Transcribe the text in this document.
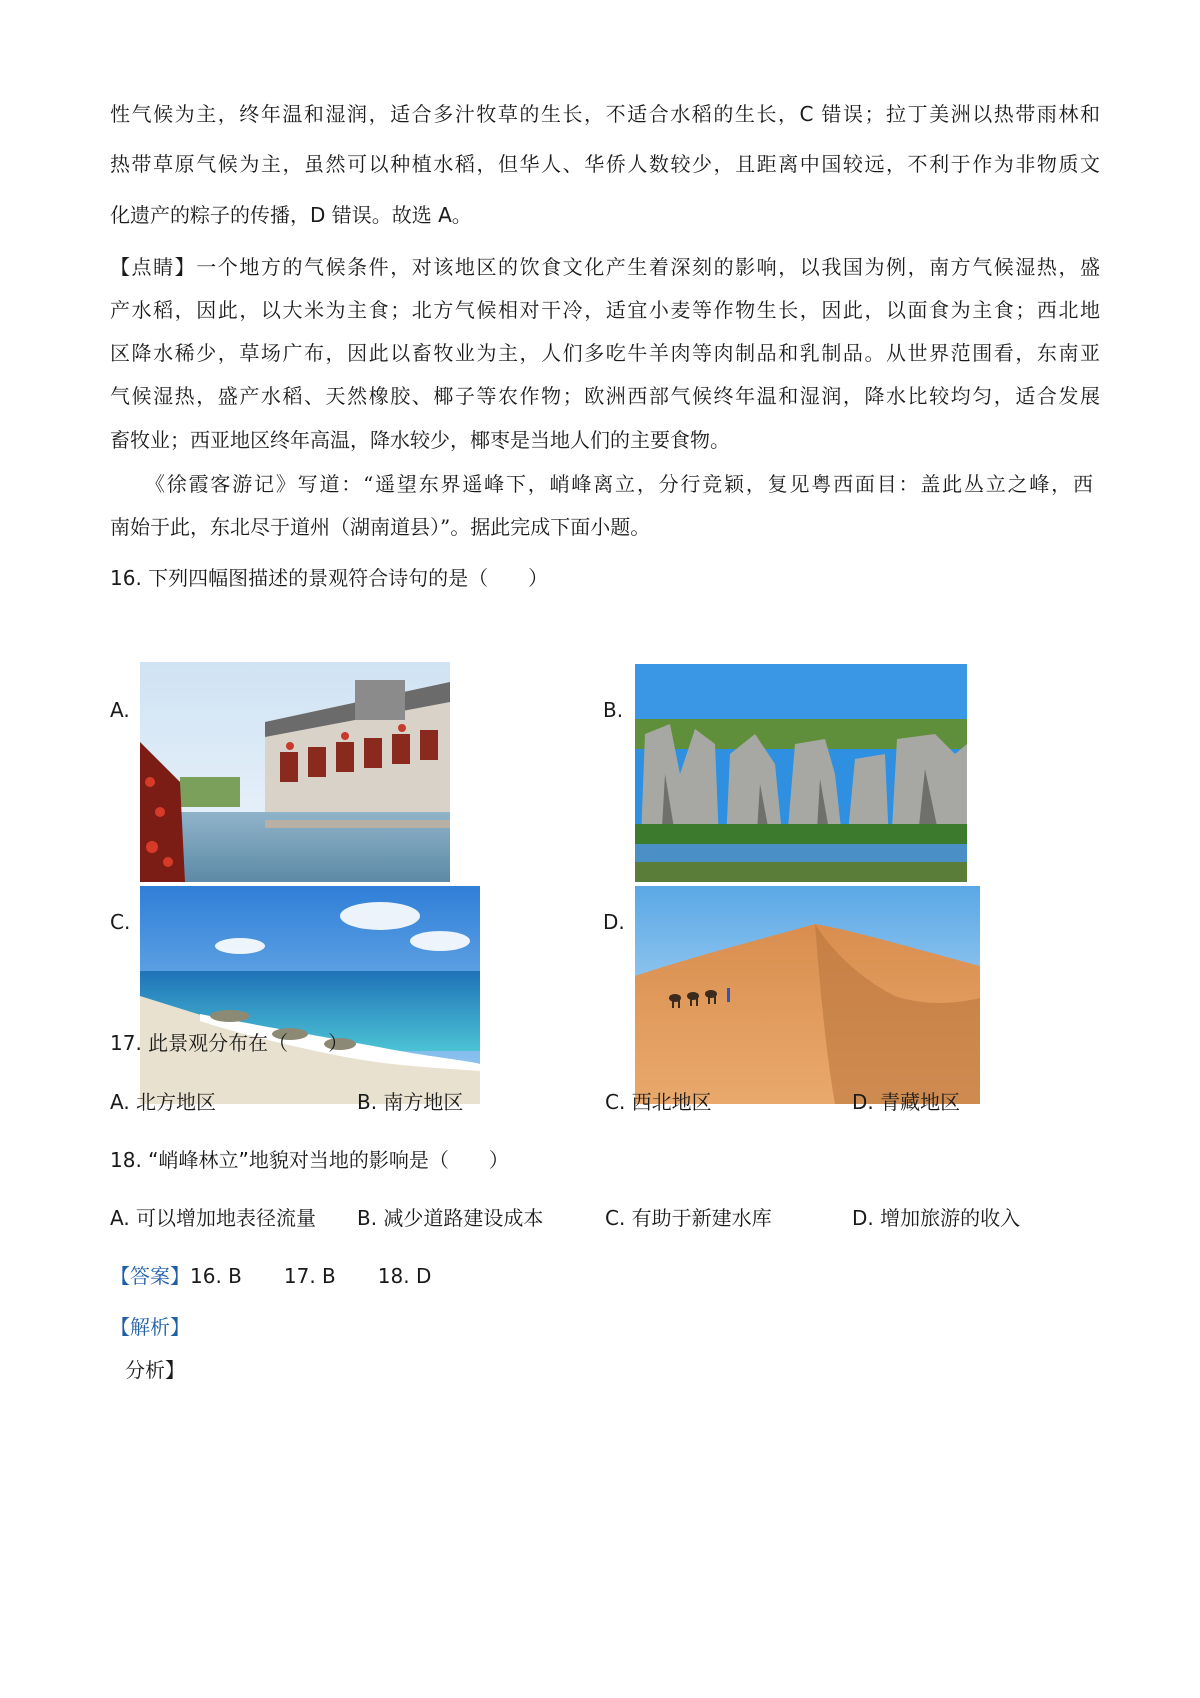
性气候为主，终年温和湿润，适合多汁牧草的生长，不适合水稻的生长，C 错误；拉丁美洲以热带雨林和
热带草原气候为主，虽然可以种植水稻，但华人、华侨人数较少，且距离中国较远，不利于作为非物质文
化遗产的粽子的传播，D 错误。故选 A。
【点睛】一个地方的气候条件，对该地区的饮食文化产生着深刻的影响，以我国为例，南方气候湿热，盛
产水稻，因此，以大米为主食；北方气候相对干冷，适宜小麦等作物生长，因此，以面食为主食；西北地
区降水稀少，草场广布，因此以畜牧业为主，人们多吃牛羊肉等肉制品和乳制品。从世界范围看，东南亚
气候湿热，盛产水稻、天然橡胶、椰子等农作物；欧洲西部气候终年温和湿润，降水比较均匀，适合发展
畜牧业；西亚地区终年高温，降水较少，椰枣是当地人们的主要食物。
《徐霞客游记》写道：“遥望东界遥峰下，峭峰离立，分行竞颖，复见粤西面目：盖此丛立之峰，西
南始于此，东北尽于道州（湖南道县）”。据此完成下面小题。
16. 下列四幅图描述的景观符合诗句的是（　　）
A.	B.
C.	D.
17. 此景观分布在（　　）
A. 北方地区	B. 南方地区	C. 西北地区	D. 青藏地区
18. “峭峰林立”地貌对当地的影响是（　　）
A. 可以增加地表径流量 B. 减少道路建设成本	C. 有助于新建水库	D. 增加旅游的收入
【答案】16. B 17. B 18. D
【解析】
分析】
